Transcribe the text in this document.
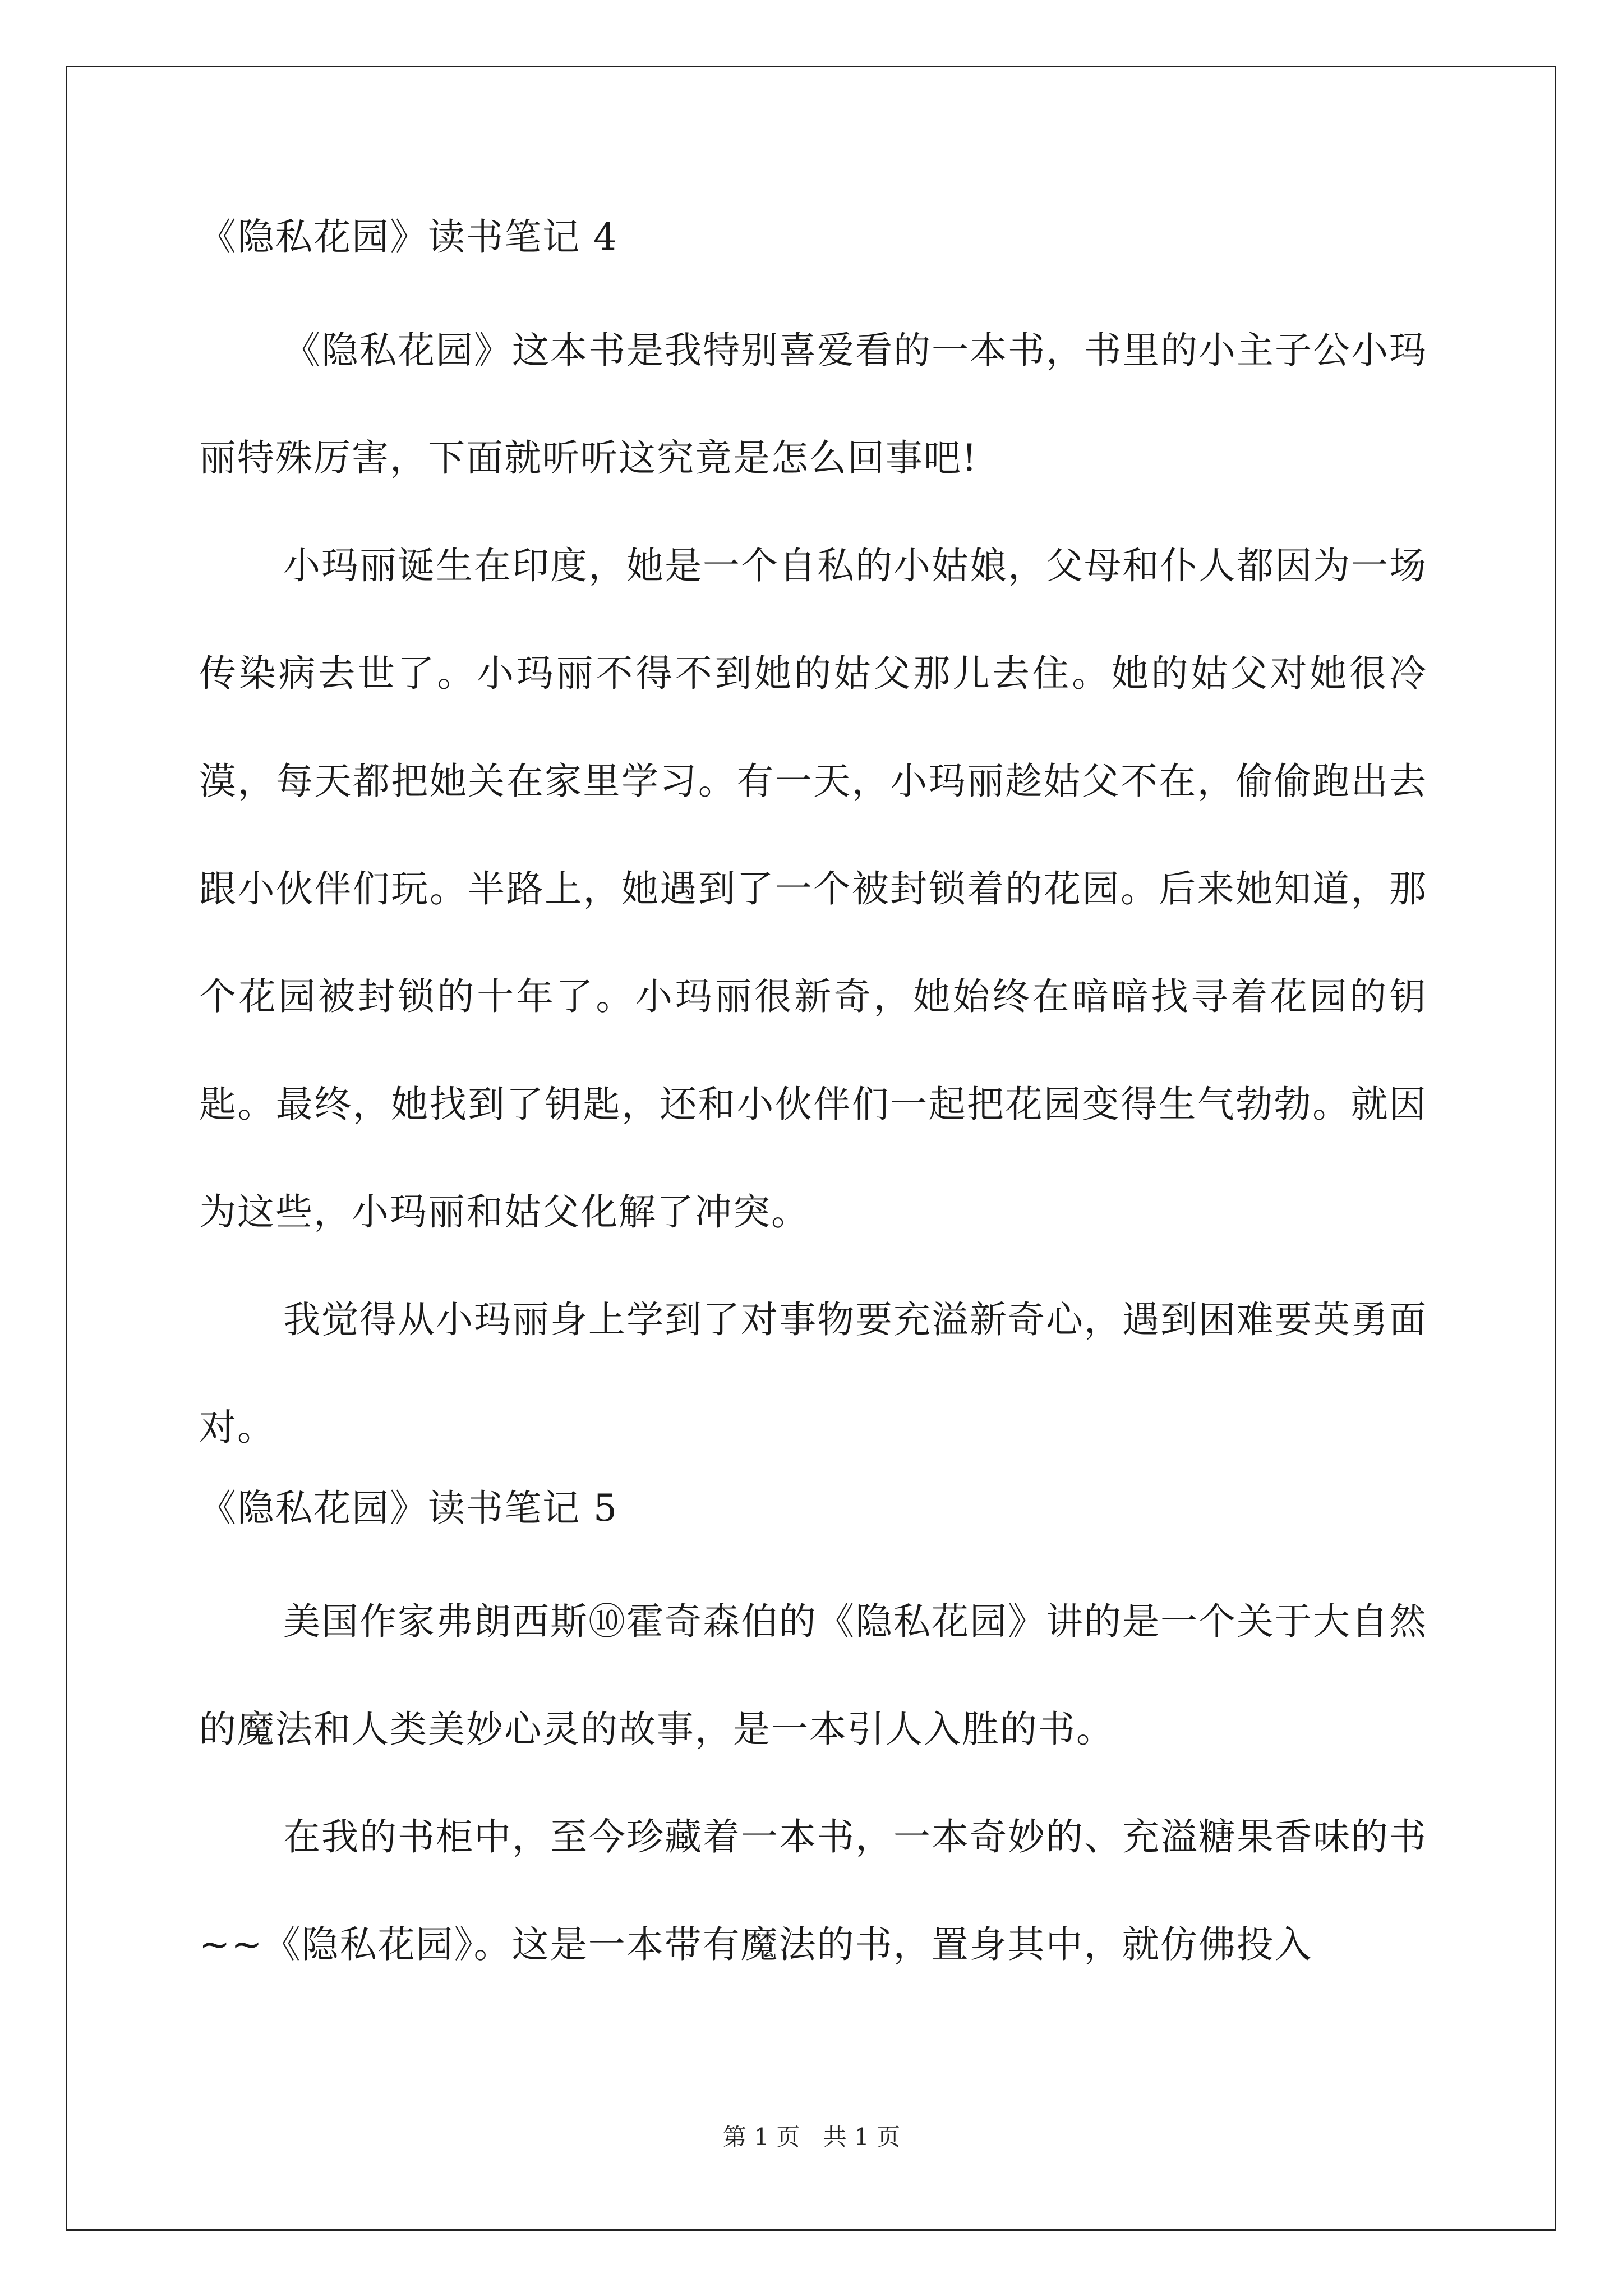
《隐私花园》读书笔记 4

《隐私花园》这本书是我特别喜爱看的一本书，书里的小主子公小玛丽特殊厉害，下面就听听这究竟是怎么回事吧!

小玛丽诞生在印度，她是一个自私的小姑娘，父母和仆人都因为一场传染病去世了。小玛丽不得不到她的姑父那儿去住。她的姑父对她很冷漠，每天都把她关在家里学习。有一天，小玛丽趁姑父不在，偷偷跑出去跟小伙伴们玩。半路上，她遇到了一个被封锁着的花园。后来她知道，那个花园被封锁的十年了。小玛丽很新奇，她始终在暗暗找寻着花园的钥匙。最终，她找到了钥匙，还和小伙伴们一起把花园变得生气勃勃。就因为这些，小玛丽和姑父化解了冲突。

我觉得从小玛丽身上学到了对事物要充溢新奇心，遇到困难要英勇面对。

《隐私花园》读书笔记 5

美国作家弗朗西斯⑩霍奇森伯的《隐私花园》讲的是一个关于大自然的魔法和人类美妙心灵的故事，是一本引人入胜的书。

在我的书柜中，至今珍藏着一本书，一本奇妙的、充溢糖果香味的书~~《隐私花园》。这是一本带有魔法的书，置身其中，就仿佛投入

第 1 页 共 1 页
